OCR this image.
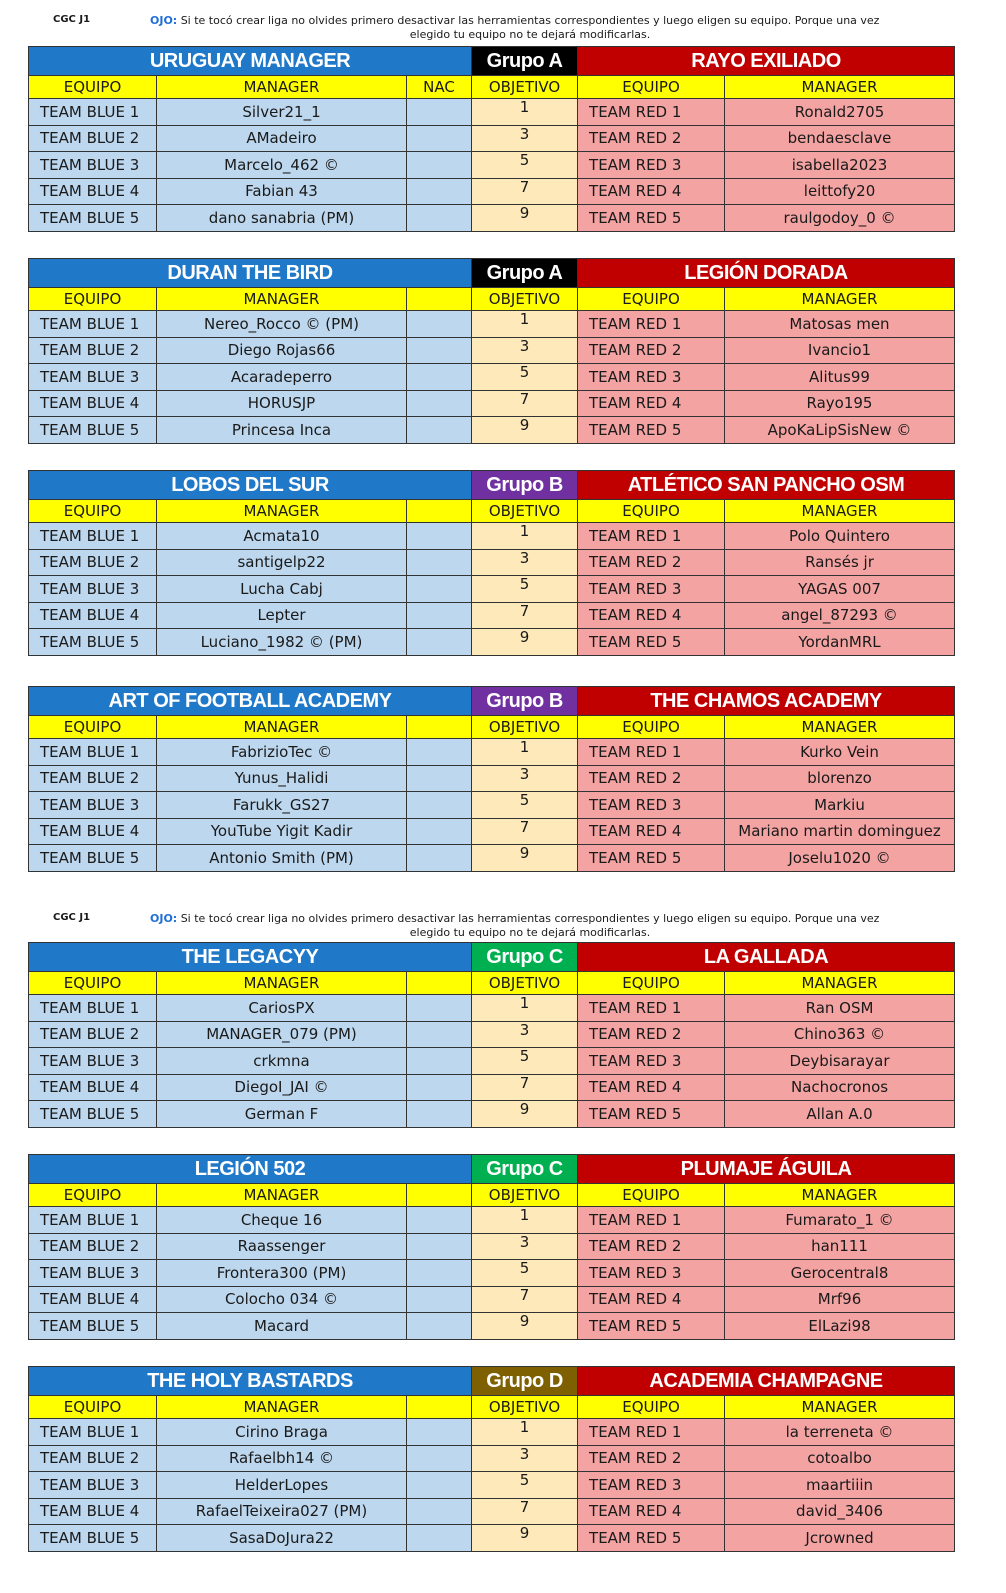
CGC J1	OJO: Si te tocó crear liga no olvides primero desactivar las herramientas correspondientes y luego eligen su equipo. Porque una vez
elegido tu equipo no te dejará modificarlas.
CGC J1	OJO: Si te tocó crear liga no olvides primero desactivar las herramientas correspondientes y luego eligen su equipo. Porque una vez
elegido tu equipo no te dejará modificarlas.
URUGUAY MANAGER			Grupo A	RAYO EXILIADO	
EQUIPO	MANAGER	NAC	OBJETIVO	EQUIPO	MANAGER
TEAM BLUE 1	Silver21_1		1	TEAM RED 1	Ronald2705
TEAM BLUE 2	AMadeiro		3	TEAM RED 2	bendaesclave
TEAM BLUE 3	Marcelo_462 ©		5	TEAM RED 3	isabella2023
TEAM BLUE 4	Fabian 43		7	TEAM RED 4	leittofy20
TEAM BLUE 5	dano sanabria (PM)		9	TEAM RED 5	raulgodoy_0 ©
DURAN THE BIRD			Grupo A	LEGIÓN DORADA	
EQUIPO	MANAGER		OBJETIVO	EQUIPO	MANAGER
TEAM BLUE 1	Nereo_Rocco © (PM)		1	TEAM RED 1	Matosas men
TEAM BLUE 2	Diego Rojas66		3	TEAM RED 2	Ivancio1
TEAM BLUE 3	Acaradeperro		5	TEAM RED 3	Alitus99
TEAM BLUE 4	HORUSJP		7	TEAM RED 4	Rayo195
TEAM BLUE 5	Princesa Inca		9	TEAM RED 5	ApoKaLipSisNew ©
LOBOS DEL SUR			Grupo B	ATLÉTICO SAN PANCHO OSM	
EQUIPO	MANAGER		OBJETIVO	EQUIPO	MANAGER
TEAM BLUE 1	Acmata10		1	TEAM RED 1	Polo Quintero
TEAM BLUE 2	santigelp22		3	TEAM RED 2	Ransés jr
TEAM BLUE 3	Lucha Cabj		5	TEAM RED 3	YAGAS 007
TEAM BLUE 4	Lepter		7	TEAM RED 4	angel_87293 ©
TEAM BLUE 5	Luciano_1982 © (PM)		9	TEAM RED 5	YordanMRL
ART OF FOOTBALL ACADEMY			Grupo B	THE CHAMOS ACADEMY	
EQUIPO	MANAGER		OBJETIVO	EQUIPO	MANAGER
TEAM BLUE 1	FabrizioTec ©		1	TEAM RED 1	Kurko Vein
TEAM BLUE 2	Yunus_Halidi		3	TEAM RED 2	blorenzo
TEAM BLUE 3	Farukk_GS27		5	TEAM RED 3	Markiu
TEAM BLUE 4	YouTube Yigit Kadir		7	TEAM RED 4	Mariano martin dominguez
TEAM BLUE 5	Antonio Smith (PM)		9	TEAM RED 5	Joselu1020 ©
THE LEGACYY			Grupo C	LA GALLADA	
EQUIPO	MANAGER		OBJETIVO	EQUIPO	MANAGER
TEAM BLUE 1	CariosPX		1	TEAM RED 1	Ran OSM
TEAM BLUE 2	MANAGER_079 (PM)		3	TEAM RED 2	Chino363 ©
TEAM BLUE 3	crkmna		5	TEAM RED 3	Deybisarayar
TEAM BLUE 4	DiegoI_JAI ©		7	TEAM RED 4	Nachocronos
TEAM BLUE 5	German F		9	TEAM RED 5	Allan A.0
LEGIÓN 502			Grupo C	PLUMAJE ÁGUILA	
EQUIPO	MANAGER		OBJETIVO	EQUIPO	MANAGER
TEAM BLUE 1	Cheque 16		1	TEAM RED 1	Fumarato_1 ©
TEAM BLUE 2	Raassenger		3	TEAM RED 2	han111
TEAM BLUE 3	Frontera300 (PM)		5	TEAM RED 3	Gerocentral8
TEAM BLUE 4	Colocho 034 ©		7	TEAM RED 4	Mrf96
TEAM BLUE 5	Macard		9	TEAM RED 5	ElLazi98
THE HOLY BASTARDS			Grupo D	ACADEMIA CHAMPAGNE	
EQUIPO	MANAGER		OBJETIVO	EQUIPO	MANAGER
TEAM BLUE 1	Cirino Braga		1	TEAM RED 1	la terreneta ©
TEAM BLUE 2	Rafaelbh14 ©		3	TEAM RED 2	cotoalbo
TEAM BLUE 3	HelderLopes		5	TEAM RED 3	maartiiin
TEAM BLUE 4	RafaelTeixeira027 (PM)		7	TEAM RED 4	david_3406
TEAM BLUE 5	SasaDoJura22		9	TEAM RED 5	Jcrowned
